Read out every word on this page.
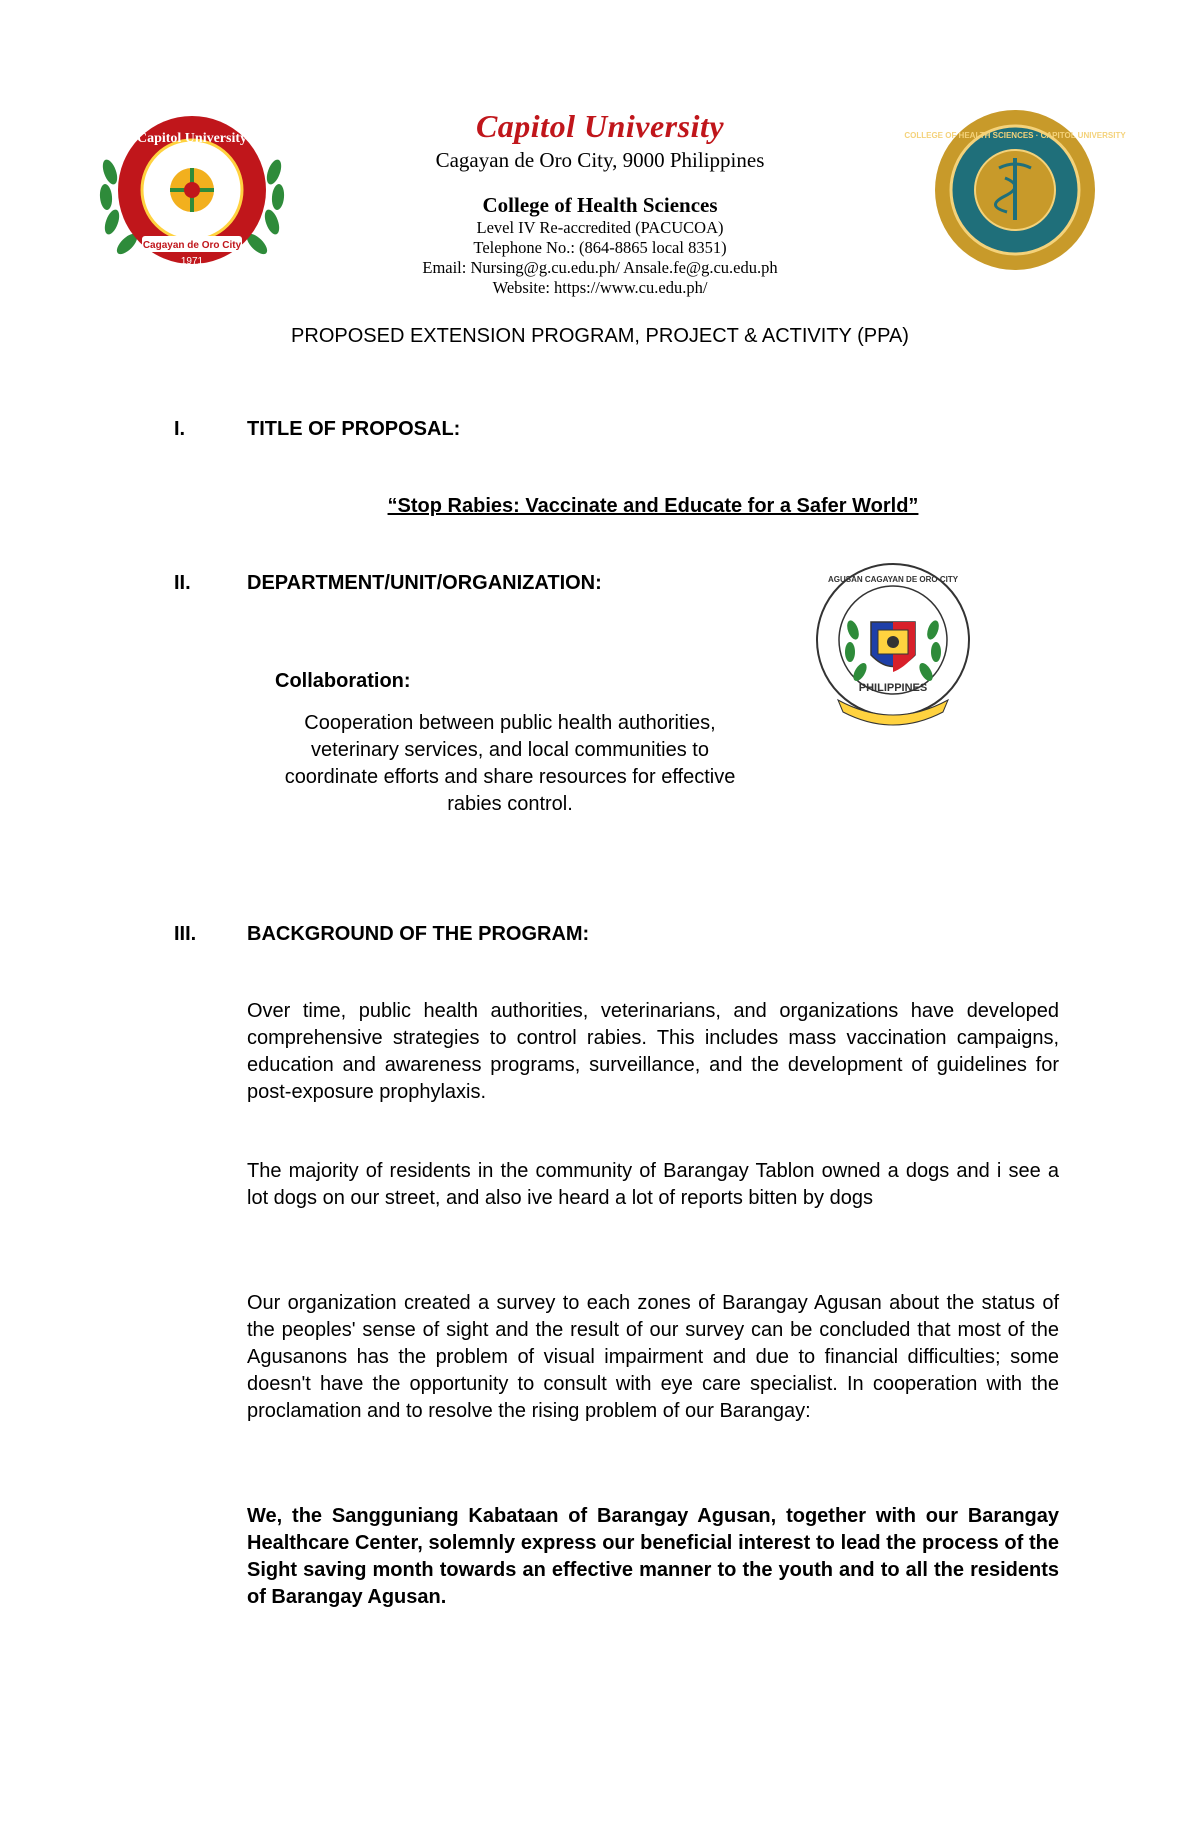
Capitol University
Cagayan de Oro City
1971
COLLEGE OF HEALTH SCIENCES · CAPITOL UNIVERSITY
Capitol University
Cagayan de Oro City, 9000 Philippines
College of Health Sciences
Level IV Re-accredited (PACUCOA)
Telephone No.: (864-8865 local 8351)
Email: Nursing@g.cu.edu.ph/ Ansale.fe@g.cu.edu.ph
Website: https://www.cu.edu.ph/
PROPOSED EXTENSION PROGRAM, PROJECT & ACTIVITY (PPA)
I.	TITLE OF PROPOSAL:
“Stop Rabies: Vaccinate and Educate for a Safer World”
II.	DEPARTMENT/UNIT/ORGANIZATION:	AGUSAN CAGAYAN DE ORO CITY
PHILIPPINES
Collaboration:
Cooperation between public health authorities, veterinary services, and local communities to coordinate efforts and share resources for effective rabies control.
III.	BACKGROUND OF THE PROGRAM:
Over time, public health authorities, veterinarians, and organizations have developed comprehensive strategies to control rabies. This includes mass vaccination campaigns, education and awareness programs, surveillance, and the development of guidelines for post-exposure prophylaxis.
The majority of residents in the community of Barangay Tablon owned a dogs and i see a lot dogs on our street, and also ive heard a lot of reports bitten by dogs
Our organization created a survey to each zones of Barangay Agusan about the status of the peoples' sense of sight and the result of our survey can be concluded that most of the Agusanons has the problem of visual impairment and due to financial difficulties; some doesn't have the opportunity to consult with eye care specialist. In cooperation with the proclamation and to resolve the rising problem of our Barangay:
We, the Sangguniang Kabataan of Barangay Agusan, together with our Barangay Healthcare Center, solemnly express our beneficial interest to lead the process of the Sight saving month towards an effective manner to the youth and to all the residents of Barangay Agusan.
